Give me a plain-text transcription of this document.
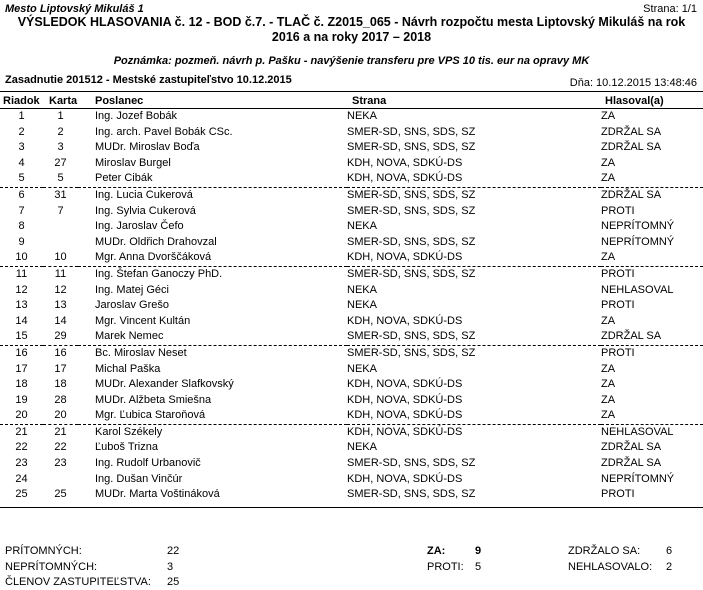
Mesto Liptovský Mikuláš 1	Strana: 1/1
VÝSLEDOK HLASOVANIA č. 12 - BOD č.7. - TLAČ č. Z2015_065 - Návrh rozpočtu mesta Liptovský Mikuláš na rok
2016 a na roky 2017 – 2018
Poznámka: pozmeň. návrh p. Pašku - navýšenie transferu pre VPS 10 tis. eur na opravy MK
Zasadnutie 201512 - Mestské zastupiteľstvo 10.12.2015	Dňa: 10.12.2015 13:48:46
Riadok Karta Poslanec	Strana	Hlasoval(a)
1	1	Ing. Jozef Bobák	NEKA	ZA
2	2	Ing. arch. Pavel Bobák CSc.	SMER-SD, SNS, SDS, SZ	ZDRŽAL SA
3	3	MUDr. Miroslav Boďa	SMER-SD, SNS, SDS, SZ	ZDRŽAL SA
4	27	Miroslav Burgel	KDH, NOVA, SDKÚ-DS	ZA
5	5	Peter Cibák	KDH, NOVA, SDKÚ-DS	ZA
6	31	Ing. Lucia Cukerová	SMER-SD, SNS, SDS, SZ	ZDRŽAL SA
7	7	Ing. Sylvia Cukerová	SMER-SD, SNS, SDS, SZ	PROTI
8		Ing. Jaroslav Čefo	NEKA	NEPRÍTOMNÝ
9		MUDr. Oldřich Drahovzal	SMER-SD, SNS, SDS, SZ	NEPRÍTOMNÝ
10	10	Mgr. Anna Dvorščáková	KDH, NOVA, SDKÚ-DS	ZA
11	11	Ing. Štefan Ganoczy PhD.	SMER-SD, SNS, SDS, SZ	PROTI
12	12	Ing. Matej Géci	NEKA	NEHLASOVAL
13	13	Jaroslav Grešo	NEKA	PROTI
14	14	Mgr. Vincent Kultán	KDH, NOVA, SDKÚ-DS	ZA
15	29	Marek Nemec	SMER-SD, SNS, SDS, SZ	ZDRŽAL SA
16	16	Bc. Miroslav Neset	SMER-SD, SNS, SDS, SZ	PROTI
17	17	Michal Paška	NEKA	ZA
18	18	MUDr. Alexander Slafkovský	KDH, NOVA, SDKÚ-DS	ZA
19	28	MUDr. Alžbeta Smiešna	KDH, NOVA, SDKÚ-DS	ZA
20	20	Mgr. Ľubica Staroňová	KDH, NOVA, SDKÚ-DS	ZA
21	21	Karol Székely	KDH, NOVA, SDKÚ-DS	NEHLASOVAL
22	22	Ľuboš Trizna	NEKA	ZDRŽAL SA
23	23	Ing. Rudolf Urbanovič	SMER-SD, SNS, SDS, SZ	ZDRŽAL SA
24		Ing. Dušan Vinčúr	KDH, NOVA, SDKÚ-DS	NEPRÍTOMNÝ
25	25	MUDr. Marta Voštináková	SMER-SD, SNS, SDS, SZ	PROTI
PRÍTOMNÝCH:	22
NEPRÍTOMNÝCH:	3
ČLENOV ZASTUPITEĽSTVA: 25
ZA:	9
PROTI: 5
ZDRŽALO SA: 6
NEHLASOVALO: 2
